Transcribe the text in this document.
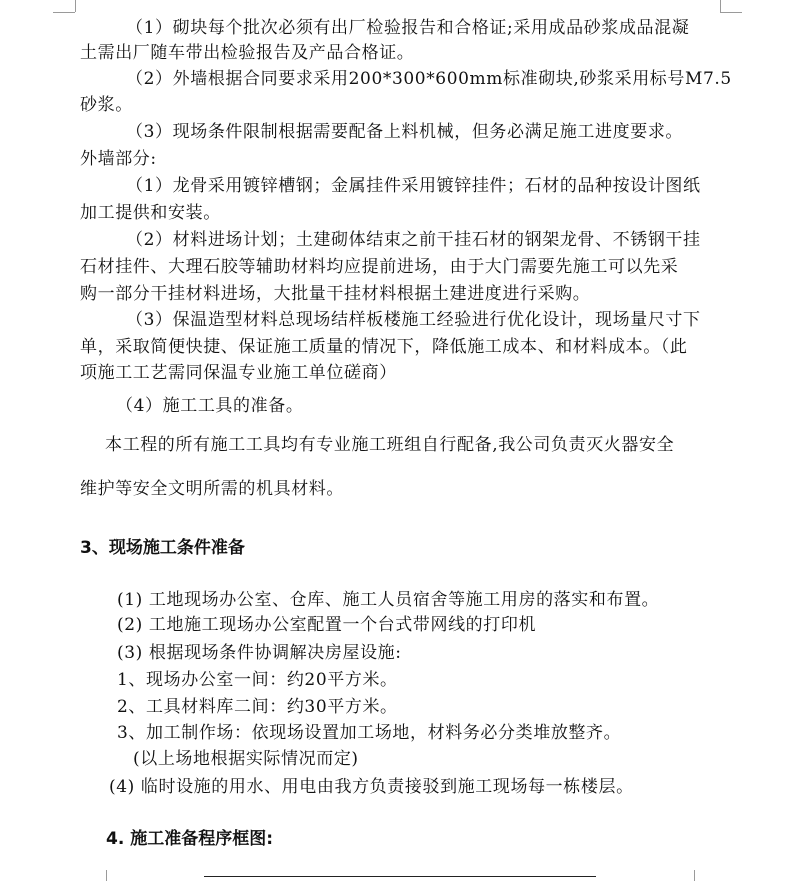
（1）砌块每个批次必须有出厂检验报告和合格证;采用成品砂浆成品混凝
土需出厂随车带出检验报告及产品合格证。
（2）外墙根据合同要求采用200*300*600mm标准砌块,砂浆采用标号M7.5
砂浆。
（3）现场条件限制根据需要配备上料机械，但务必满足施工进度要求。
外墙部分:
（1）龙骨采用镀锌槽钢；金属挂件采用镀锌挂件；石材的品种按设计图纸
加工提供和安装。
（2）材料进场计划；土建砌体结束之前干挂石材的钢架龙骨、不锈钢干挂
石材挂件、大理石胶等辅助材料均应提前进场，由于大门需要先施工可以先采
购一部分干挂材料进场，大批量干挂材料根据土建进度进行采购。
（3）保温造型材料总现场结样板楼施工经验进行优化设计，现场量尺寸下
单，采取简便快捷、保证施工质量的情况下，降低施工成本、和材料成本。（此
项施工工艺需同保温专业施工单位磋商）
（4）施工工具的准备。
本工程的所有施工工具均有专业施工班组自行配备,我公司负责灭火器安全
维护等安全文明所需的机具材料。
3、现场施工条件准备
(1) 工地现场办公室、仓库、施工人员宿舍等施工用房的落实和布置。
(2) 工地施工现场办公室配置一个台式带网线的打印机
(3) 根据现场条件协调解决房屋设施:
1、现场办公室一间：约20平方米。
2、工具材料库二间：约30平方米。
3、加工制作场：依现场设置加工场地，材料务必分类堆放整齐。
(以上场地根据实际情况而定)
(4) 临时设施的用水、用电由我方负责接驳到施工现场每一栋楼层。
4. 施工准备程序框图:
